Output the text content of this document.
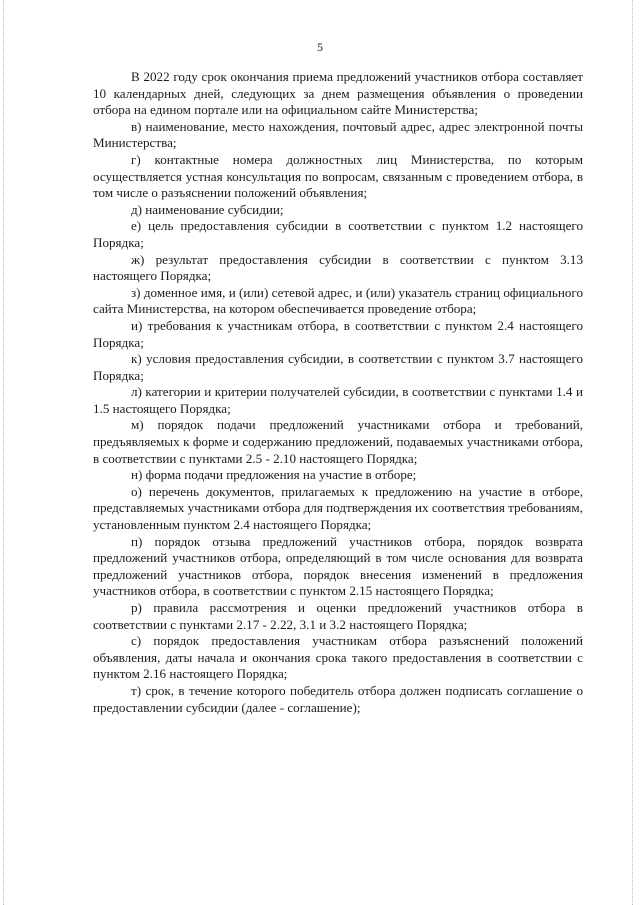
5

В 2022 году срок окончания приема предложений участников отбора составляет 10 календарных дней, следующих за днем размещения объявления о проведении отбора на едином портале или на официальном сайте Министерства;

в) наименование, место нахождения, почтовый адрес, адрес электронной почты Министерства;

г) контактные номера должностных лиц Министерства, по которым осуществляется устная консультация по вопросам, связанным с проведением отбора, в том числе о разъяснении положений объявления;

д) наименование субсидии;

е) цель предоставления субсидии в соответствии с пунктом 1.2 настоящего Порядка;

ж) результат предоставления субсидии в соответствии с пунктом 3.13 настоящего Порядка;

з) доменное имя, и (или) сетевой адрес, и (или) указатель страниц официального сайта Министерства, на котором обеспечивается проведение отбора;

и) требования к участникам отбора, в соответствии с пунктом 2.4 настоящего Порядка;

к) условия предоставления субсидии, в соответствии с пунктом 3.7 настоящего Порядка;

л) категории и критерии получателей субсидии, в соответствии с пунктами 1.4 и 1.5 настоящего Порядка;

м) порядок подачи предложений участниками отбора и требований, предъявляемых к форме и содержанию предложений, подаваемых участниками отбора, в соответствии с пунктами 2.5 - 2.10 настоящего Порядка;

н) форма подачи предложения на участие в отборе;

о) перечень документов, прилагаемых к предложению на участие в отборе, представляемых участниками отбора для подтверждения их соответствия требованиям, установленным пунктом 2.4 настоящего Порядка;

п) порядок отзыва предложений участников отбора, порядок возврата предложений участников отбора, определяющий в том числе основания для возврата предложений участников отбора, порядок внесения изменений в предложения участников отбора, в соответствии с пунктом 2.15 настоящего Порядка;

р) правила рассмотрения и оценки предложений участников отбора в соответствии с пунктами 2.17 - 2.22, 3.1 и 3.2 настоящего Порядка;

с) порядок предоставления участникам отбора разъяснений положений объявления, даты начала и окончания срока такого предоставления в соответствии с пунктом 2.16 настоящего Порядка;

т) срок, в течение которого победитель отбора должен подписать соглашение о предоставлении субсидии (далее - соглашение);
